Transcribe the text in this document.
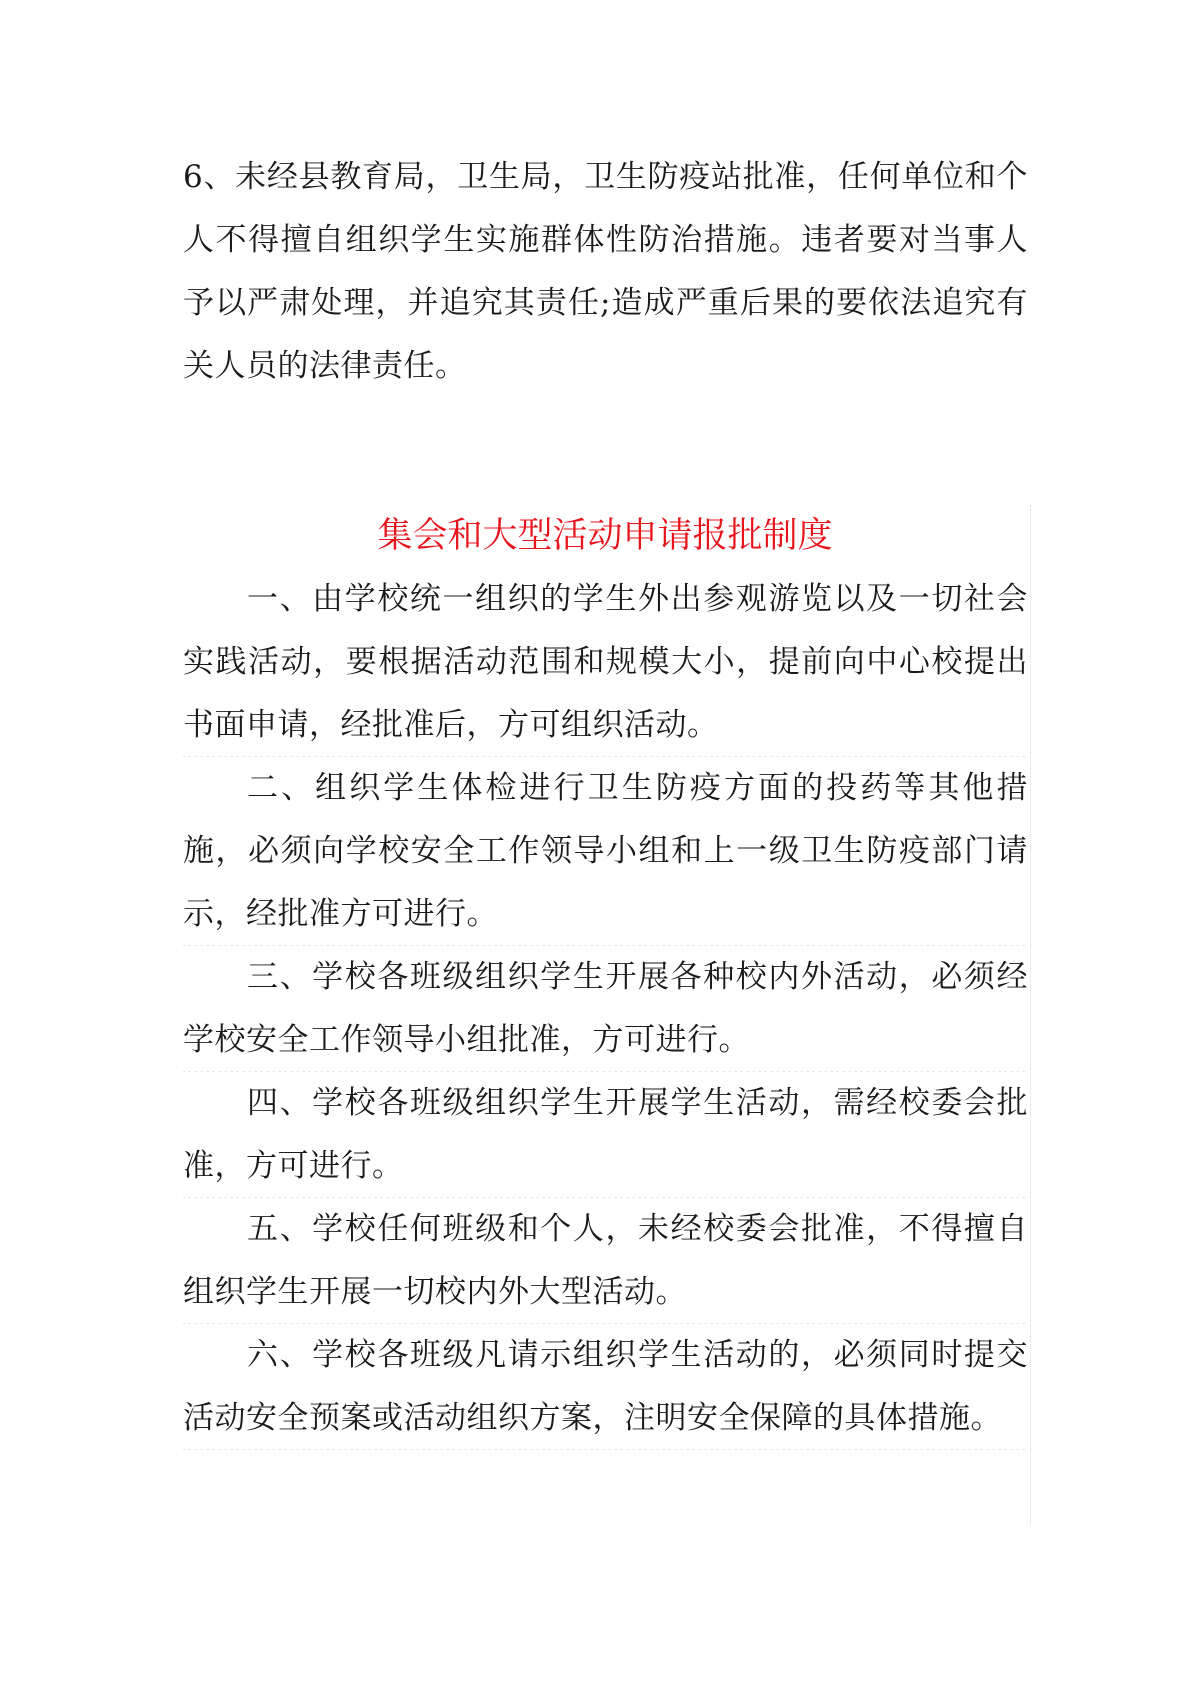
6、未经县教育局，卫生局，卫生防疫站批准，任何单位和个人不得擅自组织学生实施群体性防治措施。违者要对当事人予以严肃处理，并追究其责任;造成严重后果的要依法追究有关人员的法律责任。

集会和大型活动申请报批制度

一、由学校统一组织的学生外出参观游览以及一切社会实践活动，要根据活动范围和规模大小，提前向中心校提出书面申请，经批准后，方可组织活动。

二、组织学生体检进行卫生防疫方面的投药等其他措施，必须向学校安全工作领导小组和上一级卫生防疫部门请示，经批准方可进行。

三、学校各班级组织学生开展各种校内外活动，必须经学校安全工作领导小组批准，方可进行。

四、学校各班级组织学生开展学生活动，需经校委会批准，方可进行。

五、学校任何班级和个人，未经校委会批准，不得擅自组织学生开展一切校内外大型活动。

六、学校各班级凡请示组织学生活动的，必须同时提交活动安全预案或活动组织方案，注明安全保障的具体措施。
